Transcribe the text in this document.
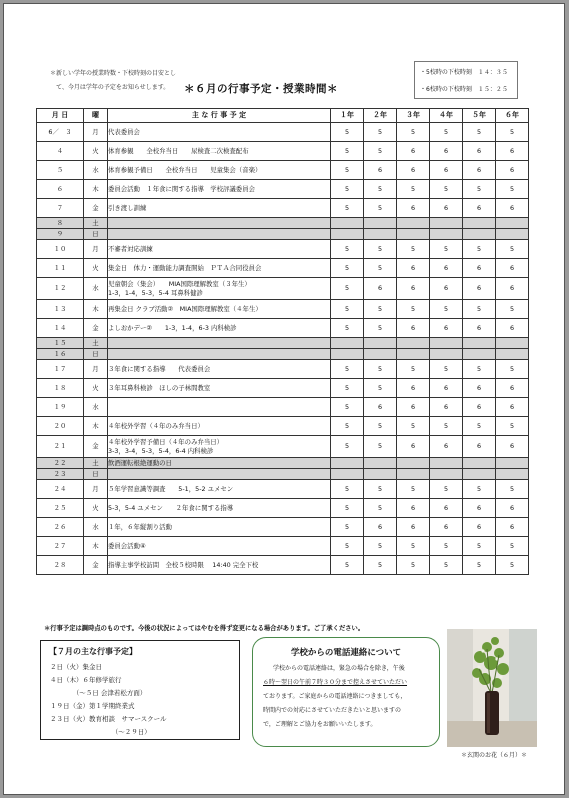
＊新しい学年の授業時数・下校時刻の目安とし
て、今月は学年の予定をお知らせします。	＊６月の行事予定・授業時間＊
・5校時の下校時刻　１４：３５
・6校時の下校時刻　１５：２５
月 日	曜	主 な 行 事 予 定	１年	２年	３年	４年	５年	６年
6／　３	月	代表委員会	5	5	5	5	5	5
４	火	体育参観　　全校弁当日　　尿検査二次検査配布	5	5	6	6	6	6
５	水	体育参観予備日　　全校弁当日　　児童集会（音楽）	5	6	6	6	6	6
６	木	委員会活動　１年食に関する指導　学校評議委員会	5	5	5	5	5	5
７	金	引き渡し訓練	5	5	6	6	6	6
８	土	

９	日	

１０	月	不審者対応訓練	5	5	5	5	5	5
１１	火	集金日　体力・運動能力調査開始　ＰＴＡ合同役員会	5	5	6	6	6	6
１２	水	児童朝会（集会）　　MIA国際理解教室（３年生）
1-3，1-4，5-3，5-4 耳鼻科健診	5	6	6	6	6	6
１３	木	再集金日 クラブ活動②　MIA国際理解教室（４年生）	5	5	5	5	5	5
１４	金	よしおかデー②　　1-3，1-4，6-3 内科検診	5	5	6	6	6	6
１５	土	

１６	日	

１７	月	３年食に関する指導　　代表委員会	5	5	5	5	5	5
１８	火	３年耳鼻科検診　ほしの子林間教室	5	5	6	6	6	6
１９	水		5	6	6	6	6	6
２０	木	４年校外学習（４年のみ弁当日）	5	5	5	5	5	5
２１	金	４年校外学習予備日（４年のみ弁当日）
3-3，3-4，5-3，5-4，6-4 内科検診	5	5	6	6	6	6
２２	土	飲酒運転根絶運動の日						

２３	日	

２４	月	５年学習意識等調査　　5-1，5-2 ユメセン	5	5	5	5	5	5
２５	火	5-3，5-4 ユメセン　　２年食に関する指導	5	5	6	6	6	6
２６	水	１年，６年縦割り活動	5	6	6	6	6	6
２７	木	委員会活動④	5	5	5	5	5	5
２８	金	指導主事学校訪問　全校５校時限　 14:40 完全下校	5	5	5	5	5	5
＊行事予定は調時点のものです。今後の状況によってはやむを得ず変更になる場合があります。ご了承ください。
【７月の主な行事予定】
２日（火）集金日
４日（木）６年修学旅行
　　　　（～５日 会津若松方面）
１９日（金）第１学期終業式
２３日（火）教育相談　サマースクール
　　　　　　　　　　（～２９日）
学校からの電話連絡について
学校からの電話連絡は，緊急の場合を除き，午後
６時～翌日の午前７時３０分まで控えさせていただい
ております。ご家庭からの電話連絡につきましても，
時間内での対応にさせていただきたいと思いますの
で，ご理解とご協力をお願いいたします。
＊玄関のお花（６月）＊
